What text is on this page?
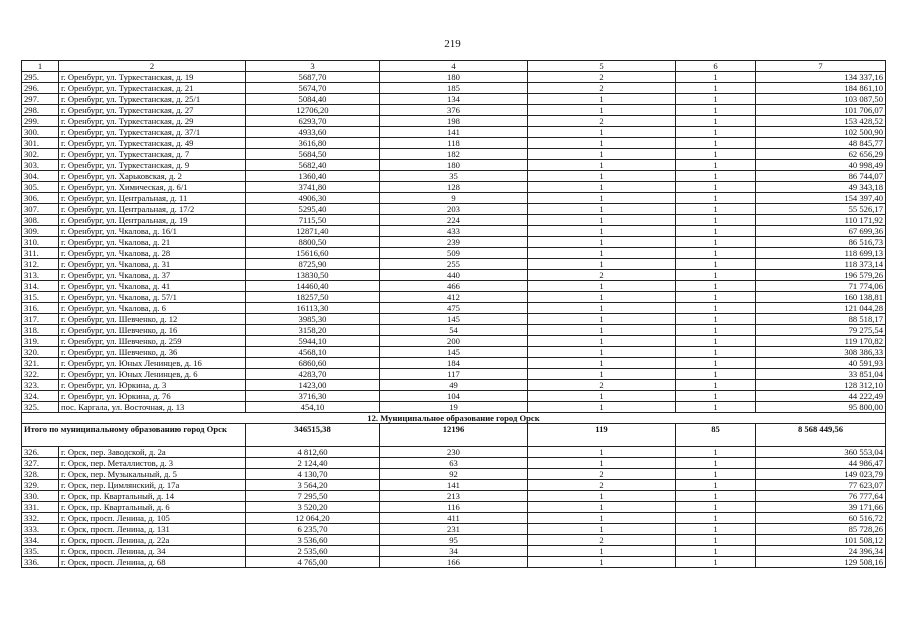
219
1	2	3	4	5	6	7
295.	г. Оренбург, ул. Туркестанская, д. 19	5687,70	180	2	1	134 337,16
296.	г. Оренбург, ул. Туркестанская, д. 21	5674,70	185	2	1	184 861,10
297.	г. Оренбург, ул. Туркестанская, д. 25/1	5084,40	134	1	1	103 087,50
298.	г. Оренбург, ул. Туркестанская, д. 27	12706,20	376	1	1	101 706,07
299.	г. Оренбург, ул. Туркестанская, д. 29	6293,70	198	2	1	153 428,52
300.	г. Оренбург, ул. Туркестанская, д. 37/1	4933,60	141	1	1	102 500,90
301.	г. Оренбург, ул. Туркестанская, д. 49	3616,80	118	1	1	48 845,77
302.	г. Оренбург, ул. Туркестанская, д. 7	5684,50	182	1	1	62 656,29
303.	г. Оренбург, ул. Туркестанская, д. 9	5682,40	180	1	1	40 998,49
304.	г. Оренбург, ул. Харьковская, д. 2	1360,40	35	1	1	86 744,07
305.	г. Оренбург, ул. Химическая, д. 6/1	3741,80	128	1	1	49 343,18
306.	г. Оренбург, ул. Центральная, д. 11	4906,30	9	1	1	154 397,40
307.	г. Оренбург, ул. Центральная, д. 17/2	5295,40	203	1	1	55 526,17
308.	г. Оренбург, ул. Центральная, д. 19	7115,50	224	1	1	110 171,92
309.	г. Оренбург, ул. Чкалова, д. 16/1	12871,40	433	1	1	67 699,36
310.	г. Оренбург, ул. Чкалова, д. 21	8800,50	239	1	1	86 516,73
311.	г. Оренбург, ул. Чкалова, д. 28	15616,60	509	1	1	118 699,13
312.	г. Оренбург, ул. Чкалова, д. 31	8725,90	255	1	1	118 373,14
313.	г. Оренбург, ул. Чкалова, д. 37	13830,50	440	2	1	196 579,26
314.	г. Оренбург, ул. Чкалова, д. 41	14460,40	466	1	1	71 774,06
315.	г. Оренбург, ул. Чкалова, д. 57/1	18257,50	412	1	1	160 138,81
316.	г. Оренбург, ул. Чкалова, д. 6	16113,30	475	1	1	121 044,28
317.	г. Оренбург, ул. Шевченко, д. 12	3985,30	145	1	1	88 518,17
318.	г. Оренбург, ул. Шевченко, д. 16	3158,20	54	1	1	79 275,54
319.	г. Оренбург, ул. Шевченко, д. 259	5944,10	200	1	1	119 170,82
320.	г. Оренбург, ул. Шевченко, д. 36	4568,10	145	1	1	308 386,33
321.	г. Оренбург, ул. Юных Ленинцев, д. 16	6860,60	184	1	1	40 591,93
322.	г. Оренбург, ул. Юных Ленинцев, д. 6	4283,70	117	1	1	33 851,04
323.	г. Оренбург, ул. Юркина, д. 3	1423,00	49	2	1	128 312,10
324.	г. Оренбург, ул. Юркина, д. 76	3716,30	104	1	1	44 222,49
325.	пос. Каргала, ул. Восточная, д. 13	454,10	19	1	1	95 800,00
12. Муниципальное образование город Орск						
Итого по муниципальному образованию город Орск		346515,38	12196	119	85	8 568 449,56
326.	г. Орск, пер. Заводской, д. 2а	4 812,60	230	1	1	360 553,04
327.	г. Орск, пер. Металлистов, д. 3	2 124,40	63	1	1	44 986,47
328.	г. Орск, пер. Музыкальный, д. 5	4 130,70	92	2	1	149 023,79
329.	г. Орск, пер. Цимлянский, д. 17а	3 564,20	141	2	1	77 623,07
330.	г. Орск, пр. Квартальный, д. 14	7 295,50	213	1	1	76 777,64
331.	г. Орск, пр. Квартальный, д. 6	3 520,20	116	1	1	39 171,66
332.	г. Орск, просп. Ленина, д. 105	12 064,20	411	1	1	60 516,72
333.	г. Орск, просп. Ленина, д. 131	6 235,70	231	1	1	85 728,26
334.	г. Орск, просп. Ленина, д. 22а	3 536,60	95	2	1	101 508,12
335.	г. Орск, просп. Ленина, д. 34	2 535,60	34	1	1	24 396,34
336.	г. Орск, просп. Ленина, д. 68	4 765,00	166	1	1	129 508,16
